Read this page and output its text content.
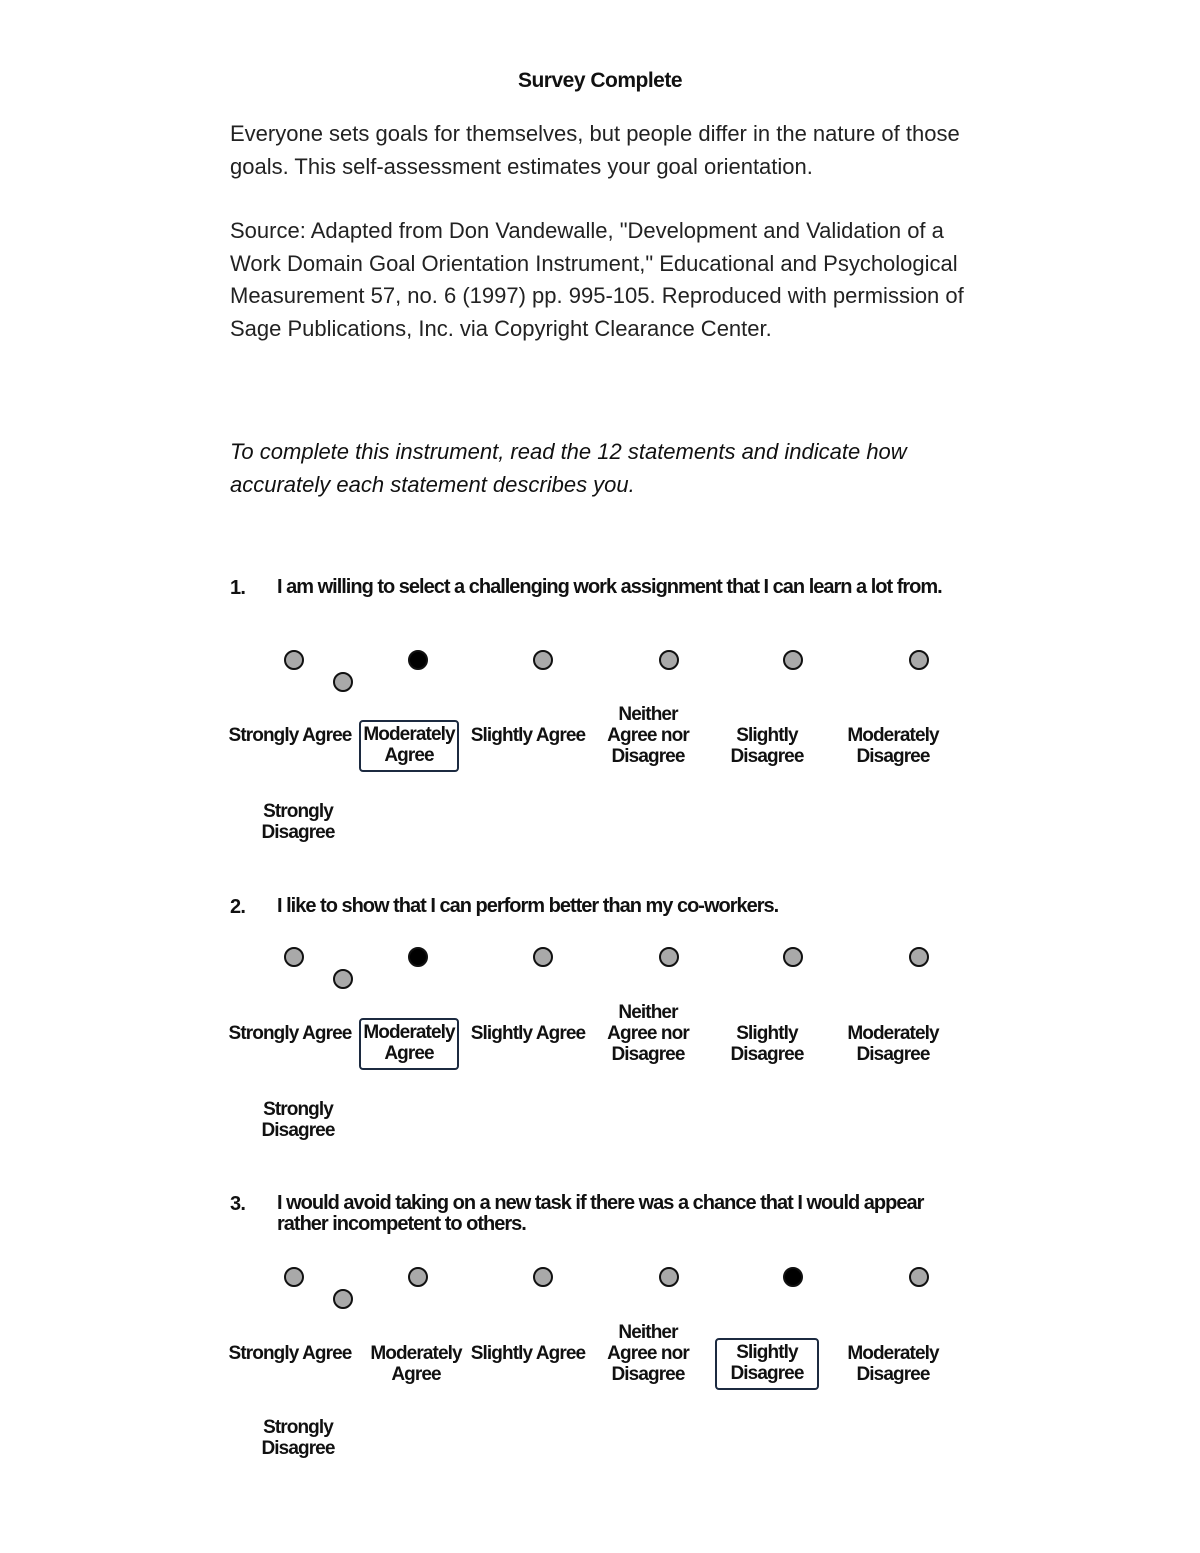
Survey Complete

Everyone sets goals for themselves, but people differ in the nature of those goals. This self-assessment estimates your goal orientation.

Source: Adapted from Don Vandewalle, "Development and Validation of a Work Domain Goal Orientation Instrument," Educational and Psychological Measurement 57, no. 6 (1997) pp. 995-105. Reproduced with permission of Sage Publications, Inc. via Copyright Clearance Center.

To complete this instrument, read the 12 statements and indicate how accurately each statement describes you.

1. I am willing to select a challenging work assignment that I can learn a lot from.

Strongly Agree Moderately Agree
Slightly Agree
Neither Agree nor Disagree
Slightly Disagree
Moderately Disagree
Strongly Disagree
2. I like to show that I can perform better than my co-workers.

Strongly Agree Moderately Agree
Slightly Agree
Neither Agree nor Disagree
Slightly Disagree
Moderately Disagree
Strongly Disagree
3. I would avoid taking on a new task if there was a chance that I would appear rather incompetent to others.

Strongly Agree Moderately Agree
Slightly Agree
Neither Agree nor Disagree
Slightly Disagree
Moderately Disagree
Strongly Disagree
